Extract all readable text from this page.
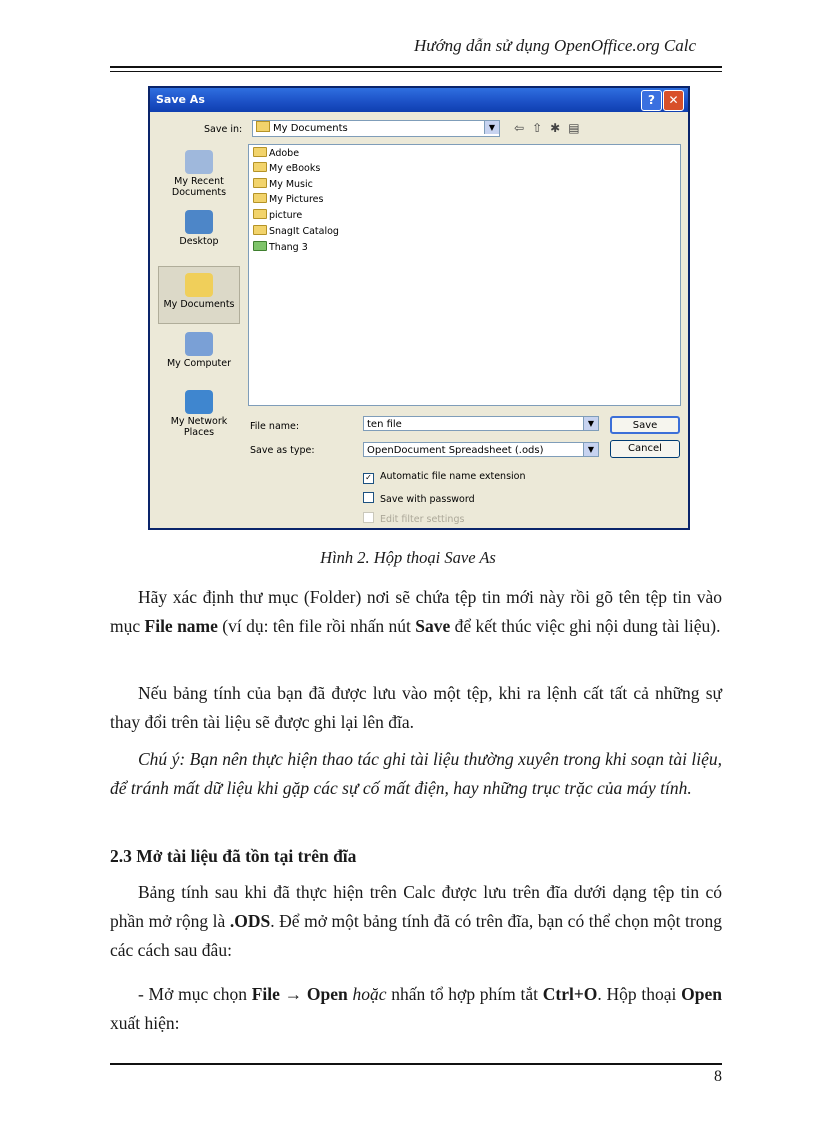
Hướng dẫn sử dụng OpenOffice.org Calc
Save As	?	✕
Save in:	My Documents	▼	⇦⇧✱▤
My Recent Documents
Desktop
My Documents
My Computer
My Network Places
Adobe
My eBooks
My Music
My Pictures
picture
SnagIt Catalog
Thang 3
File name:	ten file	▼
Save as type:	OpenDocument Spreadsheet (.ods)	▼
Save
Cancel
✓ Automatic file name extension
Save with password
Edit filter settings
Hình 2. Hộp thoại Save As

Hãy xác định thư mục (Folder) nơi sẽ chứa tệp tin mới này rồi gõ tên tệp tin vào mục File name (ví dụ: tên file rồi nhấn nút Save để kết thúc việc ghi nội dung tài liệu).

Nếu bảng tính của bạn đã được lưu vào một tệp, khi ra lệnh cất tất cả những sự thay đổi trên tài liệu sẽ được ghi lại lên đĩa.

Chú ý: Bạn nên thực hiện thao tác ghi tài liệu thường xuyên trong khi soạn tài liệu, để tránh mất dữ liệu khi gặp các sự cố mất điện, hay những trục trặc của máy tính.

2.3 Mở tài liệu đã tồn tại trên đĩa

Bảng tính sau khi đã thực hiện trên Calc được lưu trên đĩa dưới dạng tệp tin có phần mở rộng là .ODS. Để mở một bảng tính đã có trên đĩa, bạn có thể chọn một trong các cách sau đâu:

- Mở mục chọn File → Open hoặc nhấn tổ hợp phím tắt Ctrl+O. Hộp thoại Open xuất hiện:

8
